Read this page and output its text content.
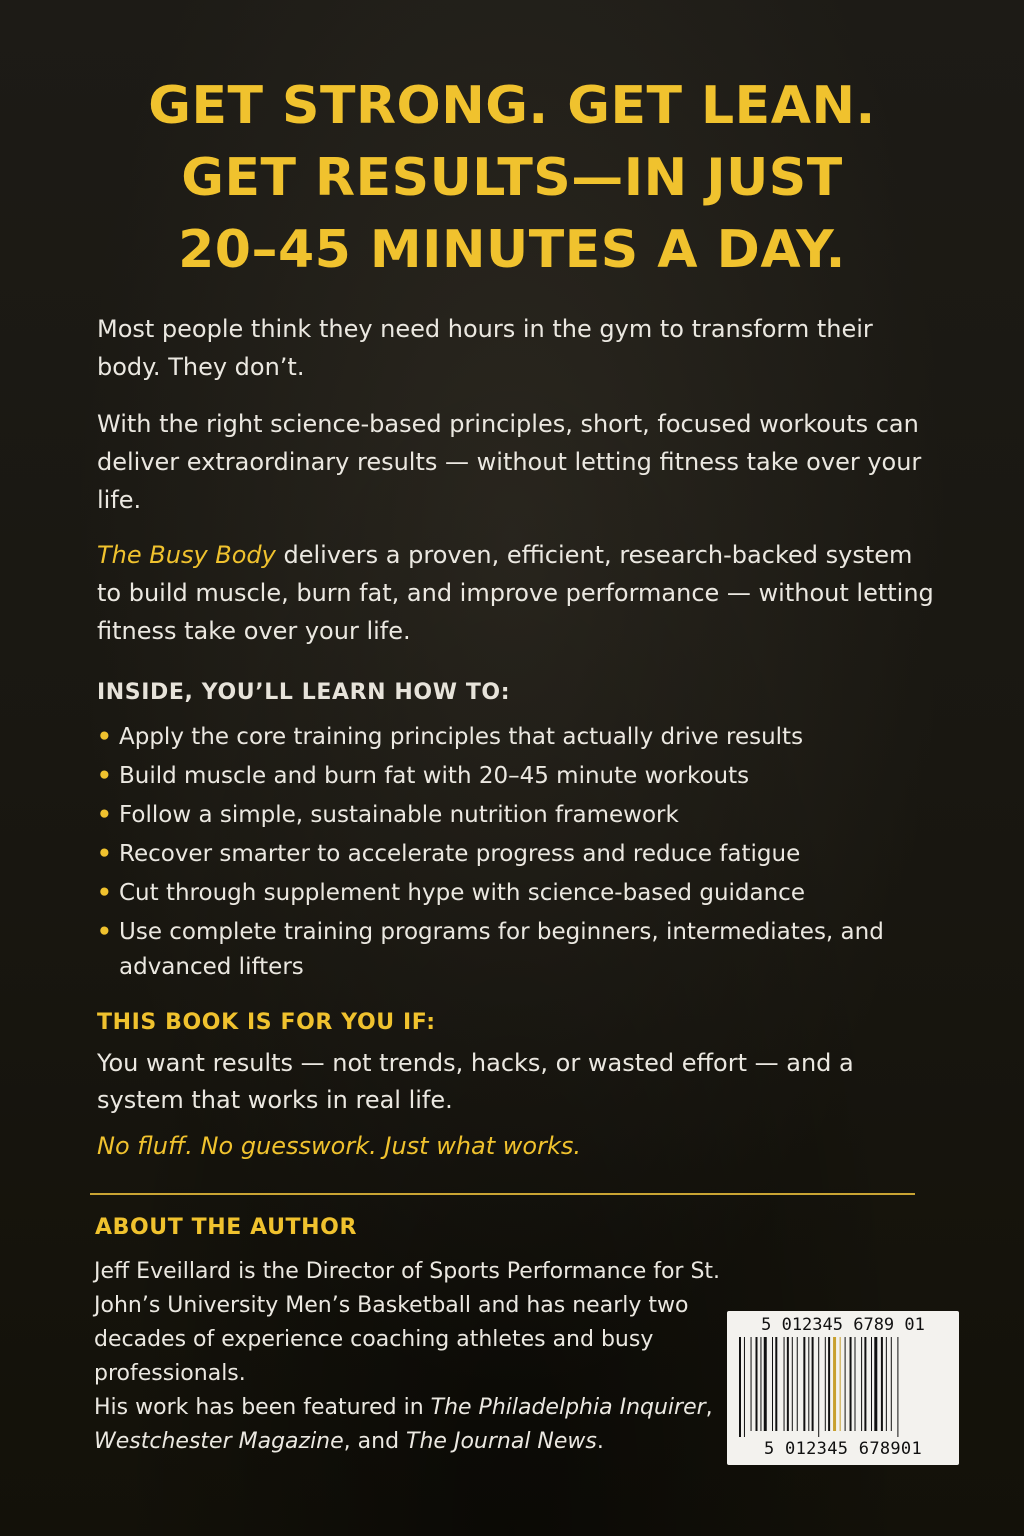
GET STRONG. GET LEAN.
GET RESULTS—IN JUST
20–45 MINUTES A DAY.
Most people think they need hours in the gym to transform their body. They don’t.
With the right science-based principles, short, focused workouts can deliver extraordinary results — without letting fitness take over your life.
The Busy Body delivers a proven, efficient, research-backed system to build muscle, burn fat, and improve performance — without letting fitness take over your life.
INSIDE, YOU’LL LEARN HOW TO:
• Apply the core training principles that actually drive results
• Build muscle and burn fat with 20–45 minute workouts
• Follow a simple, sustainable nutrition framework
• Recover smarter to accelerate progress and reduce fatigue
• Cut through supplement hype with science-based guidance
• Use complete training programs for beginners, intermediates, and advanced lifters
THIS BOOK IS FOR YOU IF:
You want results — not trends, hacks, or wasted effort — and a system that works in real life.
No fluff. No guesswork. Just what works.
ABOUT THE AUTHOR
Jeff Eveillard is the Director of Sports Performance for St. John’s University Men’s Basketball and has nearly two decades of experience coaching athletes and busy professionals.
His work has been featured in The Philadelphia Inquirer, Westchester Magazine, and The Journal News.
5 012345 6789 01
5 012345 678901
